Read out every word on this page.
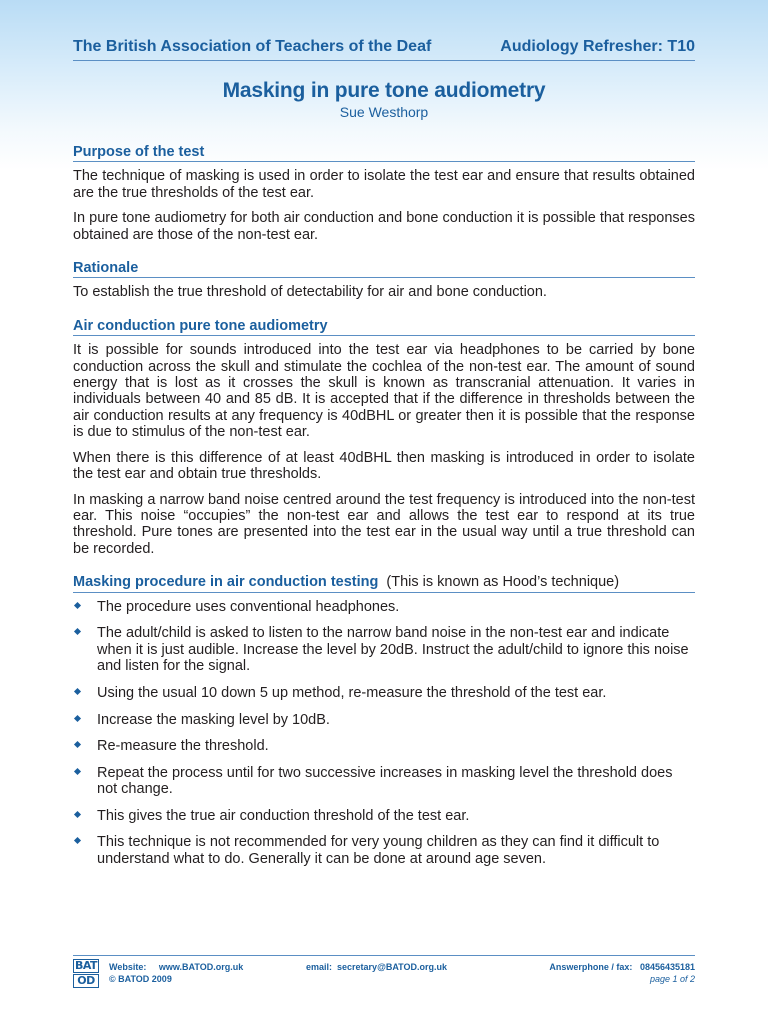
The British Association of Teachers of the Deaf	Audiology Refresher: T10
Masking in pure tone audiometry
Sue Westhorp
Purpose of the test

The technique of masking is used in order to isolate the test ear and ensure that results obtained are the true thresholds of the test ear.

In pure tone audiometry for both air conduction and bone conduction it is possible that responses obtained are those of the non-test ear.

Rationale

To establish the true threshold of detectability for air and bone conduction.

Air conduction pure tone audiometry

It is possible for sounds introduced into the test ear via headphones to be carried by bone conduction across the skull and stimulate the cochlea of the non-test ear. The amount of sound energy that is lost as it crosses the skull is known as transcranial attenuation. It varies in individuals between 40 and 85 dB. It is accepted that if the difference in thresholds between the air conduction results at any frequency is 40dBHL or greater then it is possible that the response is due to stimulus of the non-test ear.

When there is this difference of at least 40dBHL then masking is introduced in order to isolate the test ear and obtain true thresholds.

In masking a narrow band noise centred around the test frequency is introduced into the non-test ear. This noise “occupies” the non-test ear and allows the test ear to respond at its true threshold. Pure tones are presented into the test ear in the usual way until a true threshold can be recorded.

Masking procedure in air conduction testing (This is known as Hood’s technique)
The procedure uses conventional headphones.
The adult/child is asked to listen to the narrow band noise in the non-test ear and indicate when it is just audible. Increase the level by 20dB. Instruct the adult/child to ignore this noise and listen for the signal.
Using the usual 10 down 5 up method, re-measure the threshold of the test ear.
Increase the masking level by 10dB.
Re-measure the threshold.
Repeat the process until for two successive increases in masking level the threshold does not change.
This gives the true air conduction threshold of the test ear.
This technique is not recommended for very young children as they can find it difficult to understand what to do. Generally it can be done at around age seven.
BAT
OD
Website: www.BATOD.org.uk
© BATOD 2009
email: secretary@BATOD.org.uk	Answerphone / fax: 08456435181
page 1 of 2
